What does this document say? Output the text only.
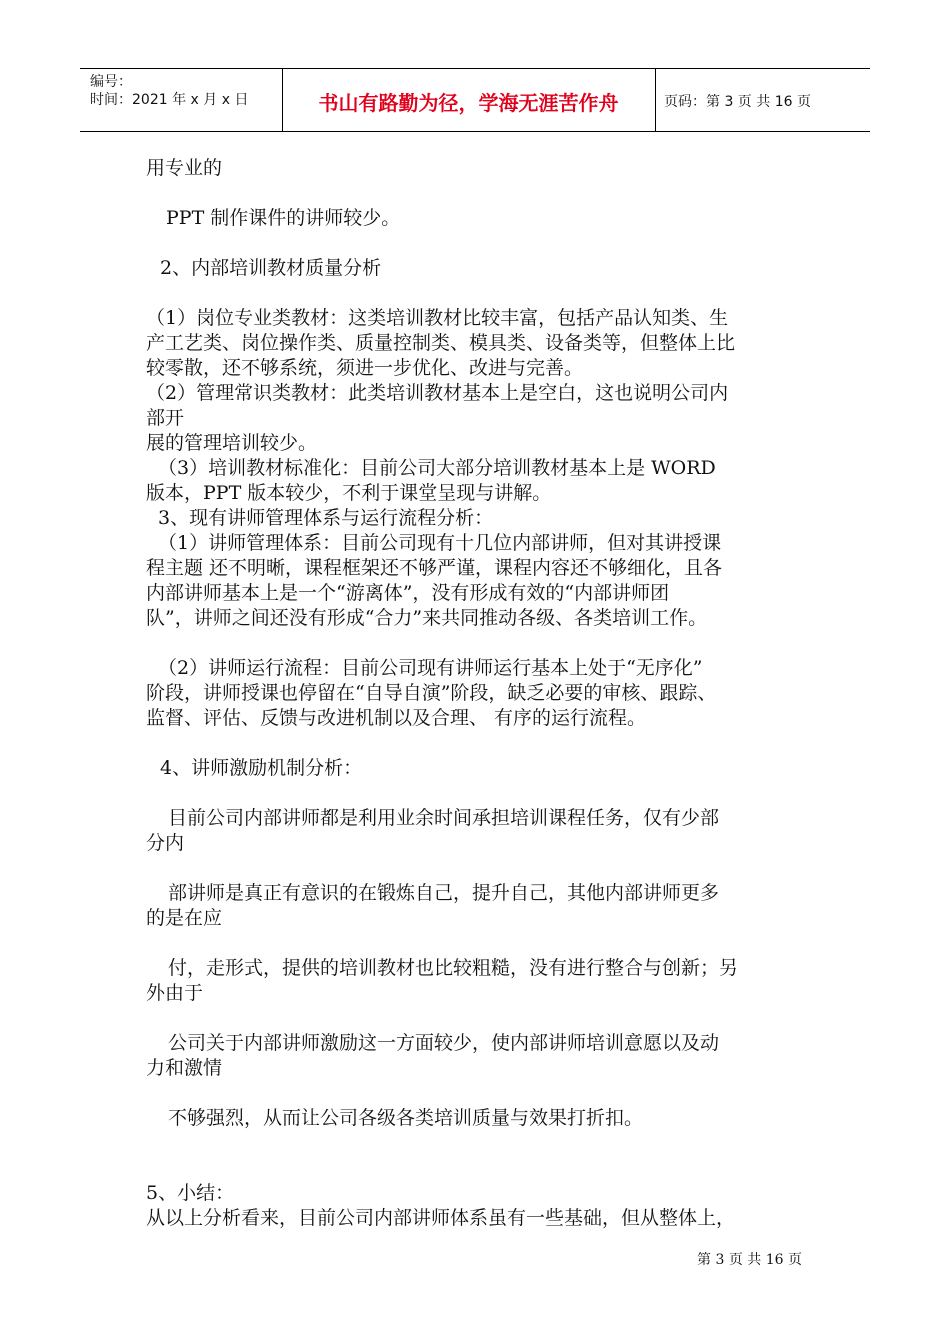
编号：
时间：2021 年 x 月 x 日	书山有路勤为径，学海无涯苦作舟	页码：第 3 页 共 16 页
用专业的
PPT 制作课件的讲师较少。
2、内部培训教材质量分析
（1）岗位专业类教材：这类培训教材比较丰富，包括产品认知类、生
产工艺类、岗位操作类、质量控制类、模具类、设备类等，但整体上比
较零散，还不够系统，须进一步优化、改进与完善。
（2）管理常识类教材：此类培训教材基本上是空白，这也说明公司内
部开
展的管理培训较少。
（3）培训教材标准化：目前公司大部分培训教材基本上是 WORD
版本，PPT 版本较少，不利于课堂呈现与讲解。
3、现有讲师管理体系与运行流程分析：
（1）讲师管理体系：目前公司现有十几位内部讲师，但对其讲授课
程主题 还不明晰，课程框架还不够严谨，课程内容还不够细化，且各
内部讲师基本上是一个“游离体”，没有形成有效的“内部讲师团
队”，讲师之间还没有形成“合力”来共同推动各级、各类培训工作。
（2）讲师运行流程：目前公司现有讲师运行基本上处于“无序化”
阶段，讲师授课也停留在“自导自演”阶段，缺乏必要的审核、跟踪、
监督、评估、反馈与改进机制以及合理、 有序的运行流程。
4、讲师激励机制分析：
目前公司内部讲师都是利用业余时间承担培训课程任务，仅有少部
分内
部讲师是真正有意识的在锻炼自己，提升自己，其他内部讲师更多
的是在应
付，走形式，提供的培训教材也比较粗糙，没有进行整合与创新；另
外由于
公司关于内部讲师激励这一方面较少，使内部讲师培训意愿以及动
力和激情
不够强烈，从而让公司各级各类培训质量与效果打折扣。
5、小结：
从以上分析看来，目前公司内部讲师体系虽有一些基础，但从整体上，
第 3 页 共 16 页
